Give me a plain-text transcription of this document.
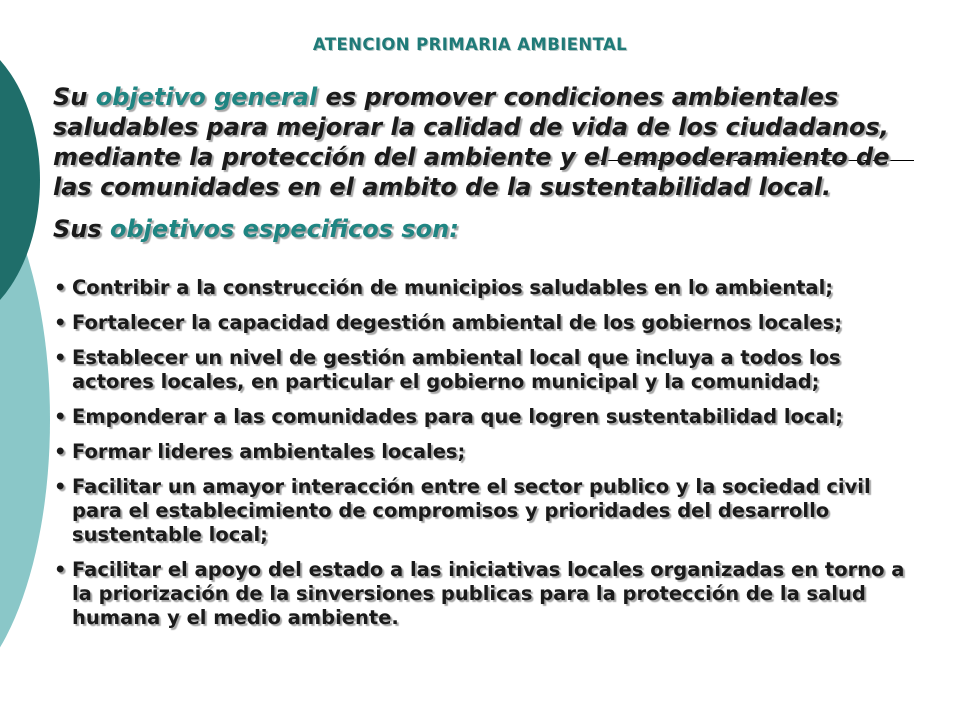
ATENCION PRIMARIA AMBIENTAL

Su objetivo general es promover condiciones ambientales saludables para mejorar la calidad de vida de los ciudadanos, mediante la protección del ambiente y el empoderamiento de las comunidades en el ambito de la sustentabilidad local.

Sus objetivos especificos son:

• Contribir a la construcción de municipios saludables en lo ambiental;
• Fortalecer la capacidad degestión ambiental de los gobiernos locales;
• Establecer un nivel de gestión ambiental local que incluya a todos los actores locales, en particular el gobierno municipal y la comunidad;
• Emponderar a las comunidades para que logren sustentabilidad local;
• Formar lideres ambientales locales;
• Facilitar un amayor interacción entre el sector publico y la sociedad civil para el establecimiento de compromisos y prioridades del desarrollo sustentable local;
• Facilitar el apoyo del estado a las iniciativas locales organizadas en torno a la priorización de la sinversiones publicas para la protección de la salud humana y el medio ambiente.
